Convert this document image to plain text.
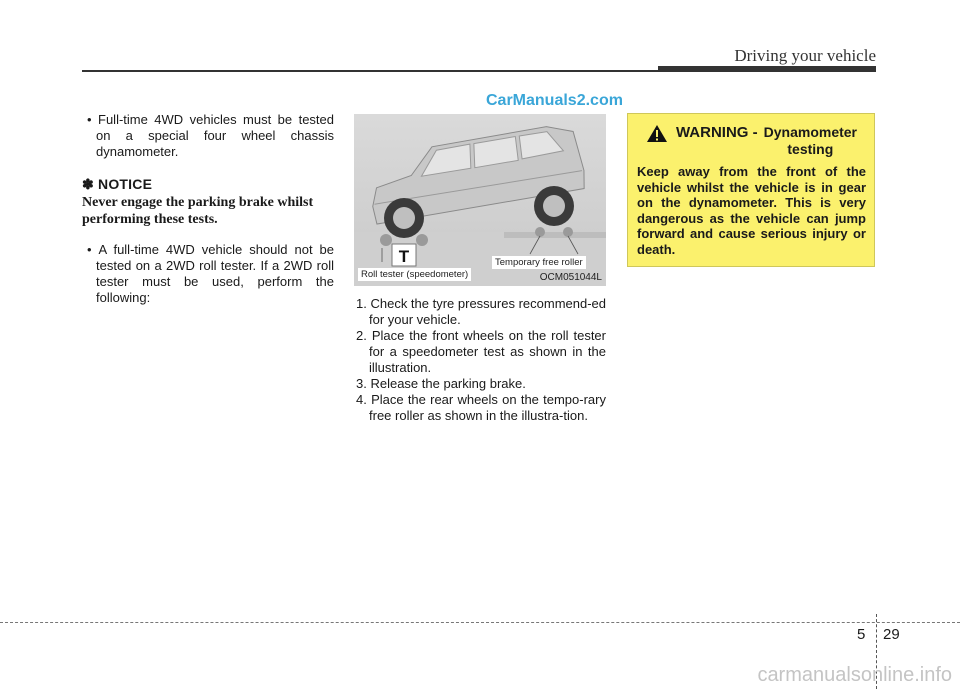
Driving your vehicle
CarManuals2.com

• Full-time 4WD vehicles must be tested on a special four wheel chassis dynamometer.

✽ NOTICE

Never engage the parking brake whilst performing these tests.

• A full-time 4WD vehicle should not be tested on a 2WD roll tester. If a 2WD roll tester must be used, perform the following:

T
Roll tester (speedometer)
Temporary free roller
OCM051044L
1. Check the tyre pressures recommend-ed for your vehicle.
2. Place the front wheels on the roll tester for a speedometer test as shown in the illustration.
3. Release the parking brake.
4. Place the rear wheels on the tempo-rary free roller as shown in the illustra-tion.
WARNING - Dynamometer
testing
Keep away from the front of the vehicle whilst the vehicle is in gear on the dynamometer. This is very dangerous as the vehicle can jump forward and cause serious injury or death.
5 29
carmanualsonline.info
